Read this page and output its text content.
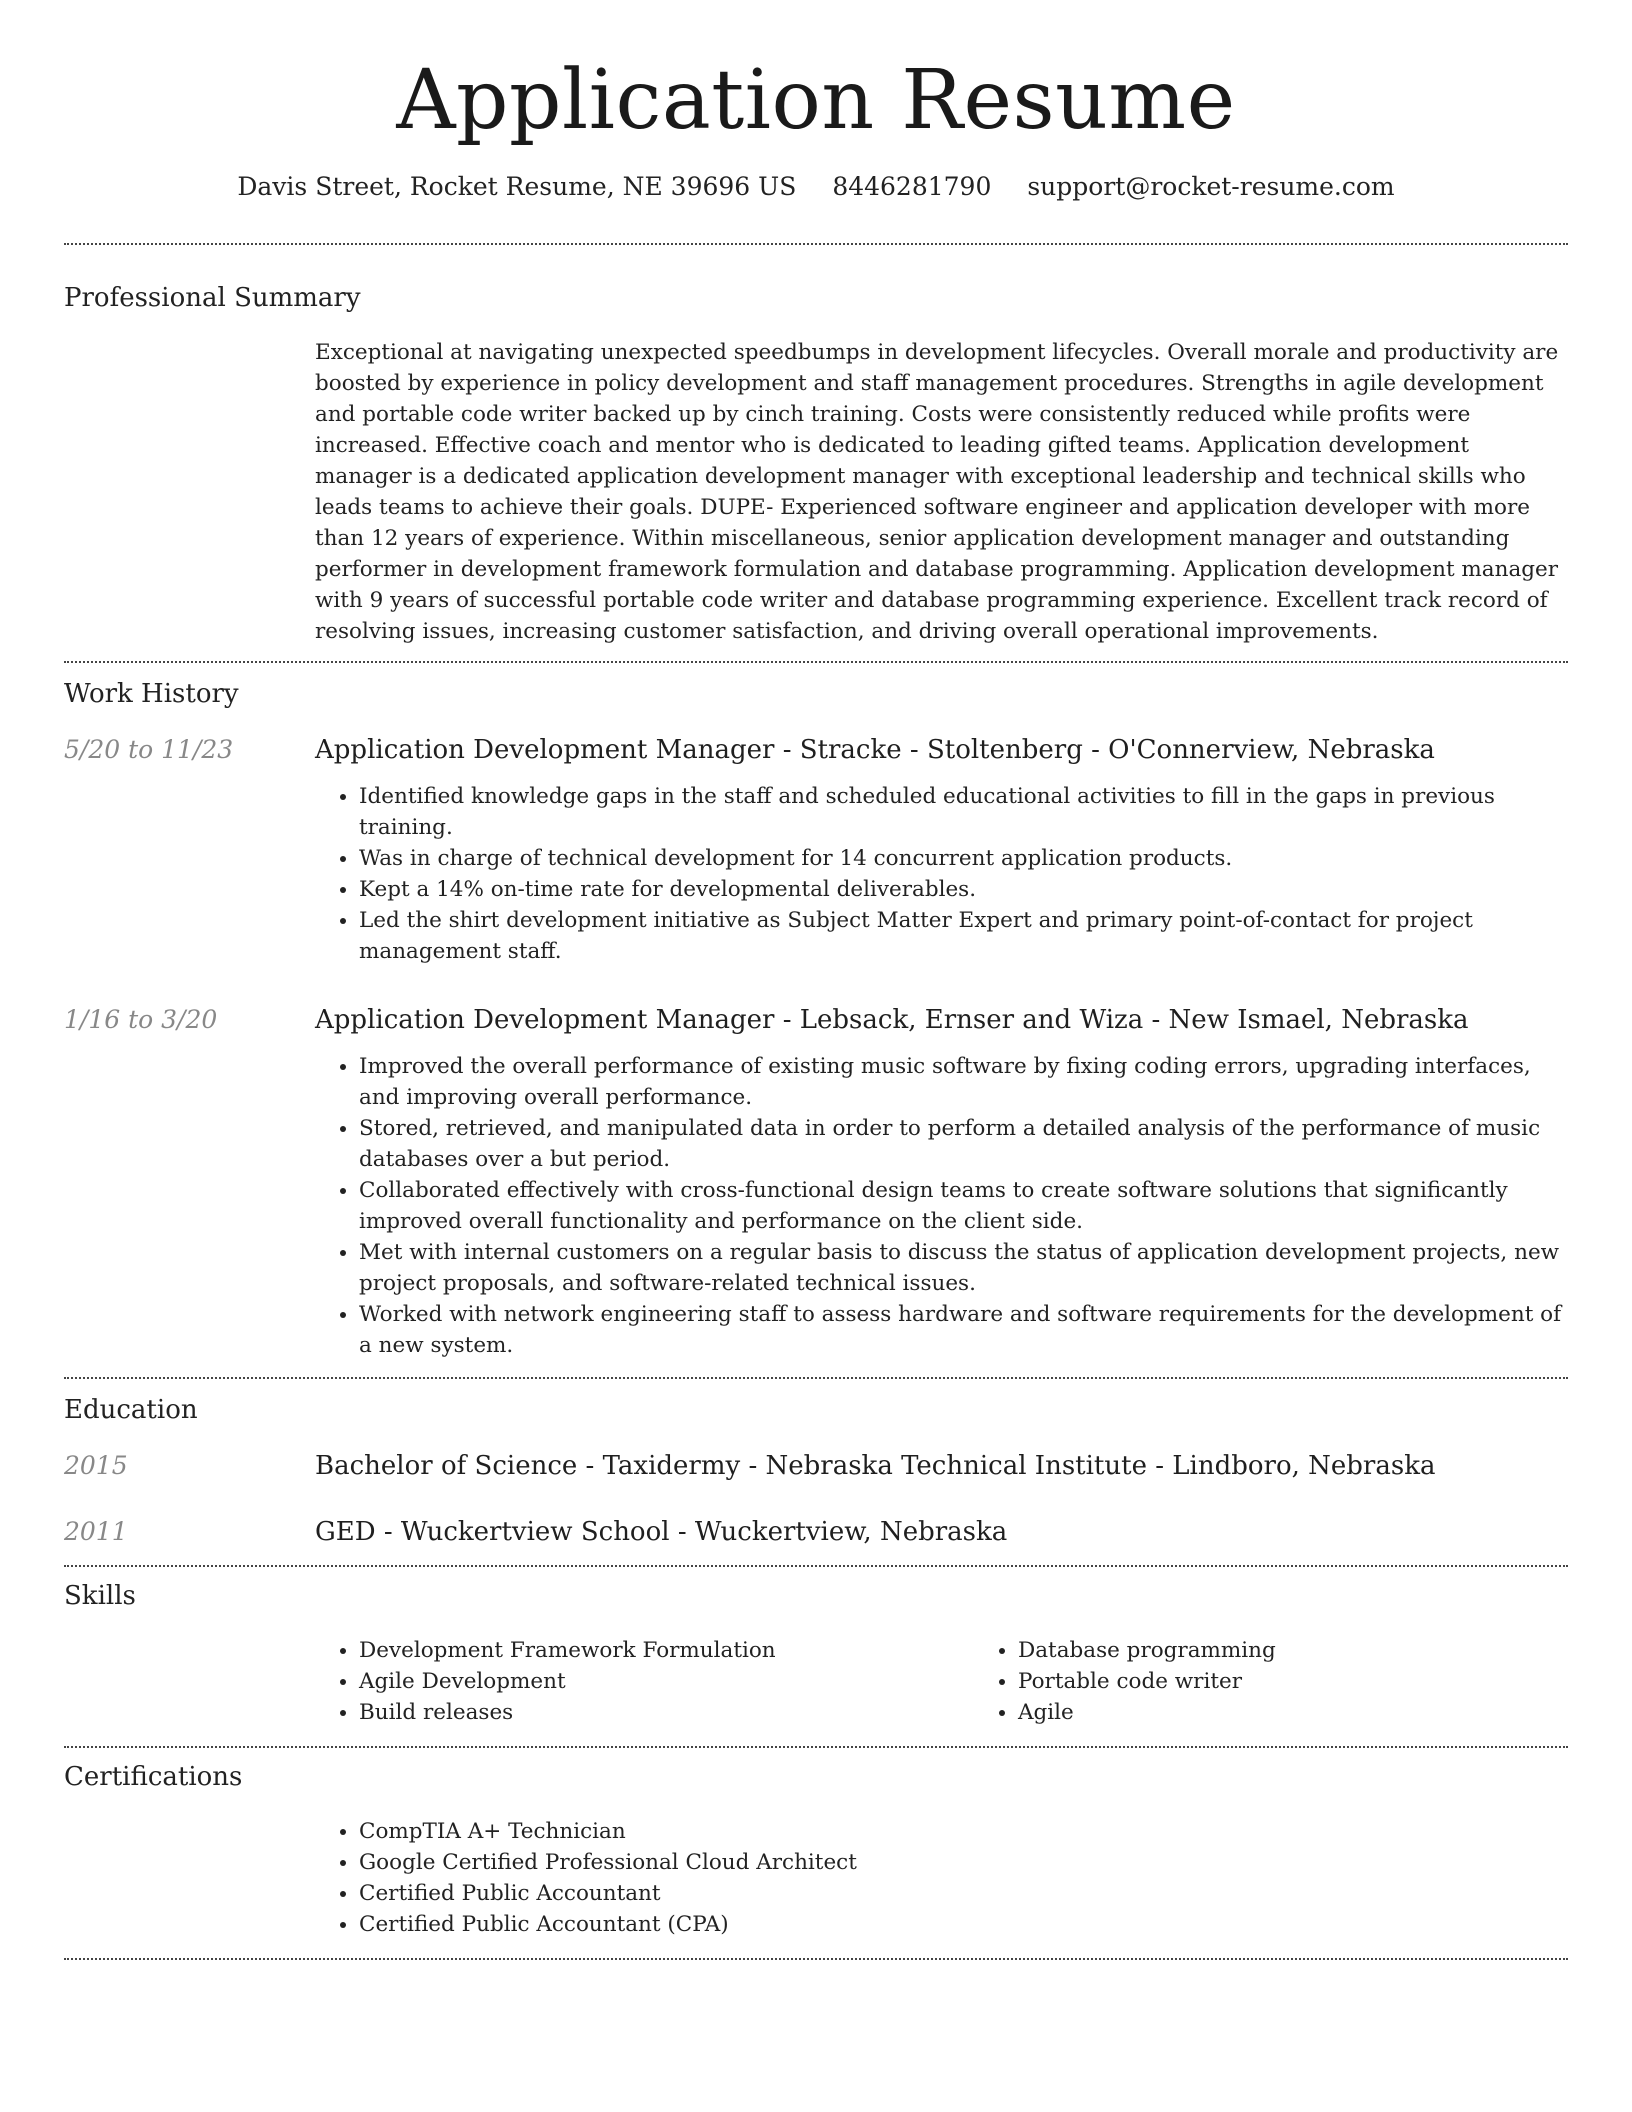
Application Resume
Davis Street, Rocket Resume, NE 39696 US 8446281790 support@rocket-resume.com
Professional Summary
Exceptional at navigating unexpected speedbumps in development lifecycles. Overall morale and productivity are boosted by experience in policy development and staff management procedures. Strengths in agile development and portable code writer backed up by cinch training. Costs were consistently reduced while profits were increased. Effective coach and mentor who is dedicated to leading gifted teams. Application development manager is a dedicated application development manager with exceptional leadership and technical skills who leads teams to achieve their goals. DUPE- Experienced software engineer and application developer with more than 12 years of experience. Within miscellaneous, senior application development manager and outstanding performer in development framework formulation and database programming. Application development manager with 9 years of successful portable code writer and database programming experience. Excellent track record of resolving issues, increasing customer satisfaction, and driving overall operational improvements.
Work History
5/20 to 11/23	Application Development Manager - Stracke - Stoltenberg - O'Connerview, Nebraska
• Identified knowledge gaps in the staff and scheduled educational activities to fill in the gaps in previous training.
• Was in charge of technical development for 14 concurrent application products.
• Kept a 14% on-time rate for developmental deliverables.
• Led the shirt development initiative as Subject Matter Expert and primary point-of-contact for project management staff.
1/16 to 3/20	Application Development Manager - Lebsack, Ernser and Wiza - New Ismael, Nebraska
• Improved the overall performance of existing music software by fixing coding errors, upgrading interfaces, and improving overall performance.
• Stored, retrieved, and manipulated data in order to perform a detailed analysis of the performance of music databases over a but period.
• Collaborated effectively with cross-functional design teams to create software solutions that significantly improved overall functionality and performance on the client side.
• Met with internal customers on a regular basis to discuss the status of application development projects, new project proposals, and software-related technical issues.
• Worked with network engineering staff to assess hardware and software requirements for the development of a new system.
Education
2015	Bachelor of Science - Taxidermy - Nebraska Technical Institute - Lindboro, Nebraska
2011	GED - Wuckertview School - Wuckertview, Nebraska
Skills
• Development Framework Formulation
• Agile Development
• Build releases
• Database programming
• Portable code writer
• Agile
Certifications
• CompTIA A+ Technician
• Google Certified Professional Cloud Architect
• Certified Public Accountant
• Certified Public Accountant (CPA)
